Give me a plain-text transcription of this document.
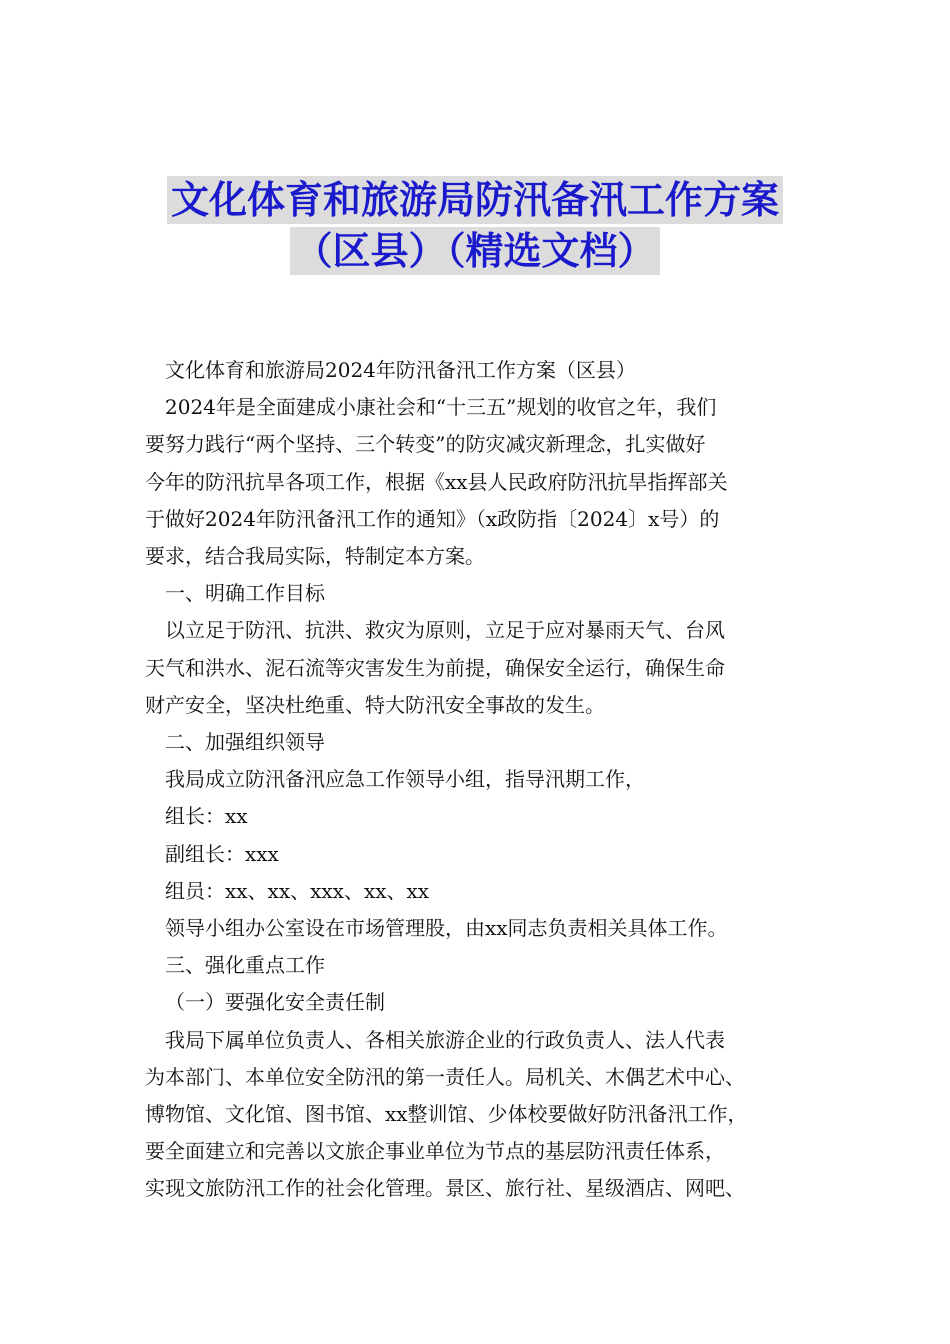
文化体育和旅游局防汛备汛工作方案
（区县）（精选文档）

文化体育和旅游局2024年防汛备汛工作方案（区县）

2024年是全面建成小康社会和“十三五”规划的收官之年，我们

要努力践行“两个坚持、三个转变”的防灾减灾新理念，扎实做好

今年的防汛抗旱各项工作，根据《xx县人民政府防汛抗旱指挥部关

于做好2024年防汛备汛工作的通知》（x政防指〔2024〕x号）的

要求，结合我局实际，特制定本方案。

一、明确工作目标

以立足于防汛、抗洪、救灾为原则，立足于应对暴雨天气、台风

天气和洪水、泥石流等灾害发生为前提，确保安全运行，确保生命

财产安全，坚决杜绝重、特大防汛安全事故的发生。

二、加强组织领导

我局成立防汛备汛应急工作领导小组，指导汛期工作，

组长：xx

副组长：xxx

组员：xx、xx、xxx、xx、xx

领导小组办公室设在市场管理股，由xx同志负责相关具体工作。

三、强化重点工作

（一）要强化安全责任制

我局下属单位负责人、各相关旅游企业的行政负责人、法人代表

为本部门、本单位安全防汛的第一责任人。局机关、木偶艺术中心、

博物馆、文化馆、图书馆、xx整训馆、少体校要做好防汛备汛工作，

要全面建立和完善以文旅企事业单位为节点的基层防汛责任体系，

实现文旅防汛工作的社会化管理。景区、旅行社、星级酒店、网吧、
